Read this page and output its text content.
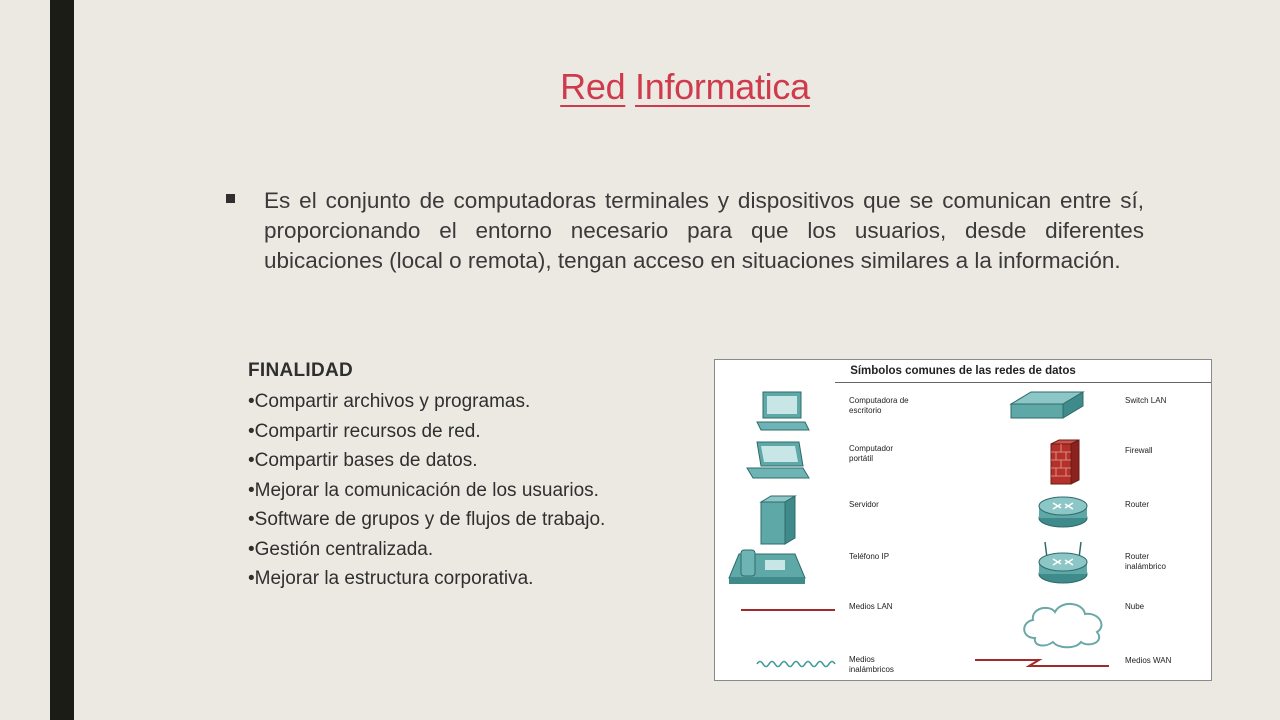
Red Informatica
Es el conjunto de computadoras terminales y dispositivos que se comunican entre sí, proporcionando el entorno necesario para que los usuarios, desde diferentes ubicaciones (local o remota), tengan acceso en situaciones similares a la información.
FINALIDAD
• Compartir archivos y programas.
• Compartir recursos de red.
• Compartir bases de datos.
• Mejorar la comunicación de los usuarios.
• Software de grupos y de flujos de trabajo.
• Gestión centralizada.
• Mejorar la estructura corporativa.
Símbolos comunes de las redes de datos
Computadora de
escritorio
Computador
portátil
Servidor
Teléfono IP
Medios LAN
Medios
inalámbricos
Switch LAN
Firewall
Router
Router
inalámbrico
Nube
Medios WAN
